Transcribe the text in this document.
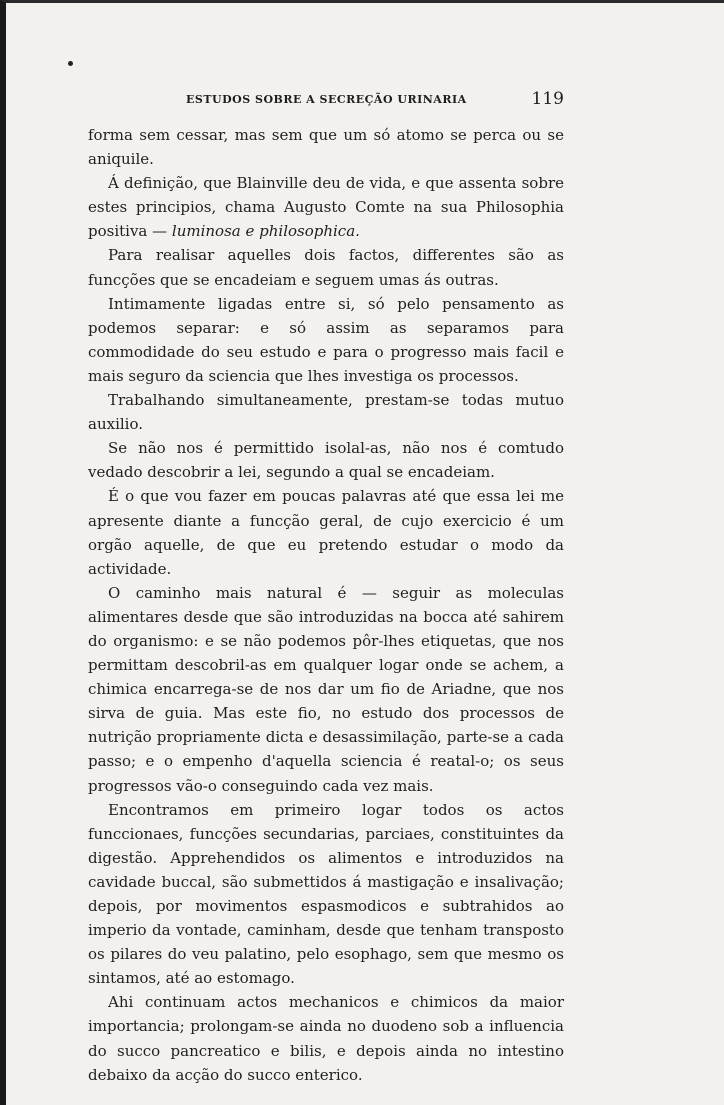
ESTUDOS SOBRE A SECREÇÃO URINARIA	119

forma sem cessar, mas sem que um só atomo se perca ou se aniquile.

Á definição, que Blainville deu de vida, e que assenta sobre estes principios, chama Augusto Comte na sua Philosophia positiva — luminosa e philosophica.

Para realisar aquelles dois factos, differentes são as funcções que se encadeiam e seguem umas ás outras.

Intimamente ligadas entre si, só pelo pensamento as podemos separar: e só assim as separamos para commodidade do seu estudo e para o progresso mais facil e mais seguro da sciencia que lhes investiga os processos.

Trabalhando simultaneamente, prestam-se todas mutuo auxilio.

Se não nos é permittido isolal-as, não nos é comtudo vedado descobrir a lei, segundo a qual se encadeiam.

É o que vou fazer em poucas palavras até que essa lei me apresente diante a funcção geral, de cujo exercicio é um orgão aquelle, de que eu pretendo estudar o modo da actividade.

O caminho mais natural é — seguir as moleculas alimentares desde que são introduzidas na bocca até sahirem do organismo: e se não podemos pôr-lhes etiquetas, que nos permittam descobril-as em qualquer logar onde se achem, a chimica encarrega-se de nos dar um fio de Ariadne, que nos sirva de guia. Mas este fio, no estudo dos processos de nutrição propriamente dicta e desassimilação, parte-se a cada passo; e o empenho d'aquella sciencia é reatal-o; os seus progressos vão-o conseguindo cada vez mais.

Encontramos em primeiro logar todos os actos funccionaes, funcções secundarias, parciaes, constituintes da digestão. Apprehendidos os alimentos e introduzidos na cavidade buccal, são submettidos á mastigação e insalivação; depois, por movimentos espasmodicos e subtrahidos ao imperio da vontade, caminham, desde que tenham transposto os pilares do veu palatino, pelo esophago, sem que mesmo os sintamos, até ao estomago.

Ahi continuam actos mechanicos e chimicos da maior importancia; prolongam-se ainda no duodeno sob a influencia do succo pancreatico e bilis, e depois ainda no intestino debaixo da acção do succo enterico.
